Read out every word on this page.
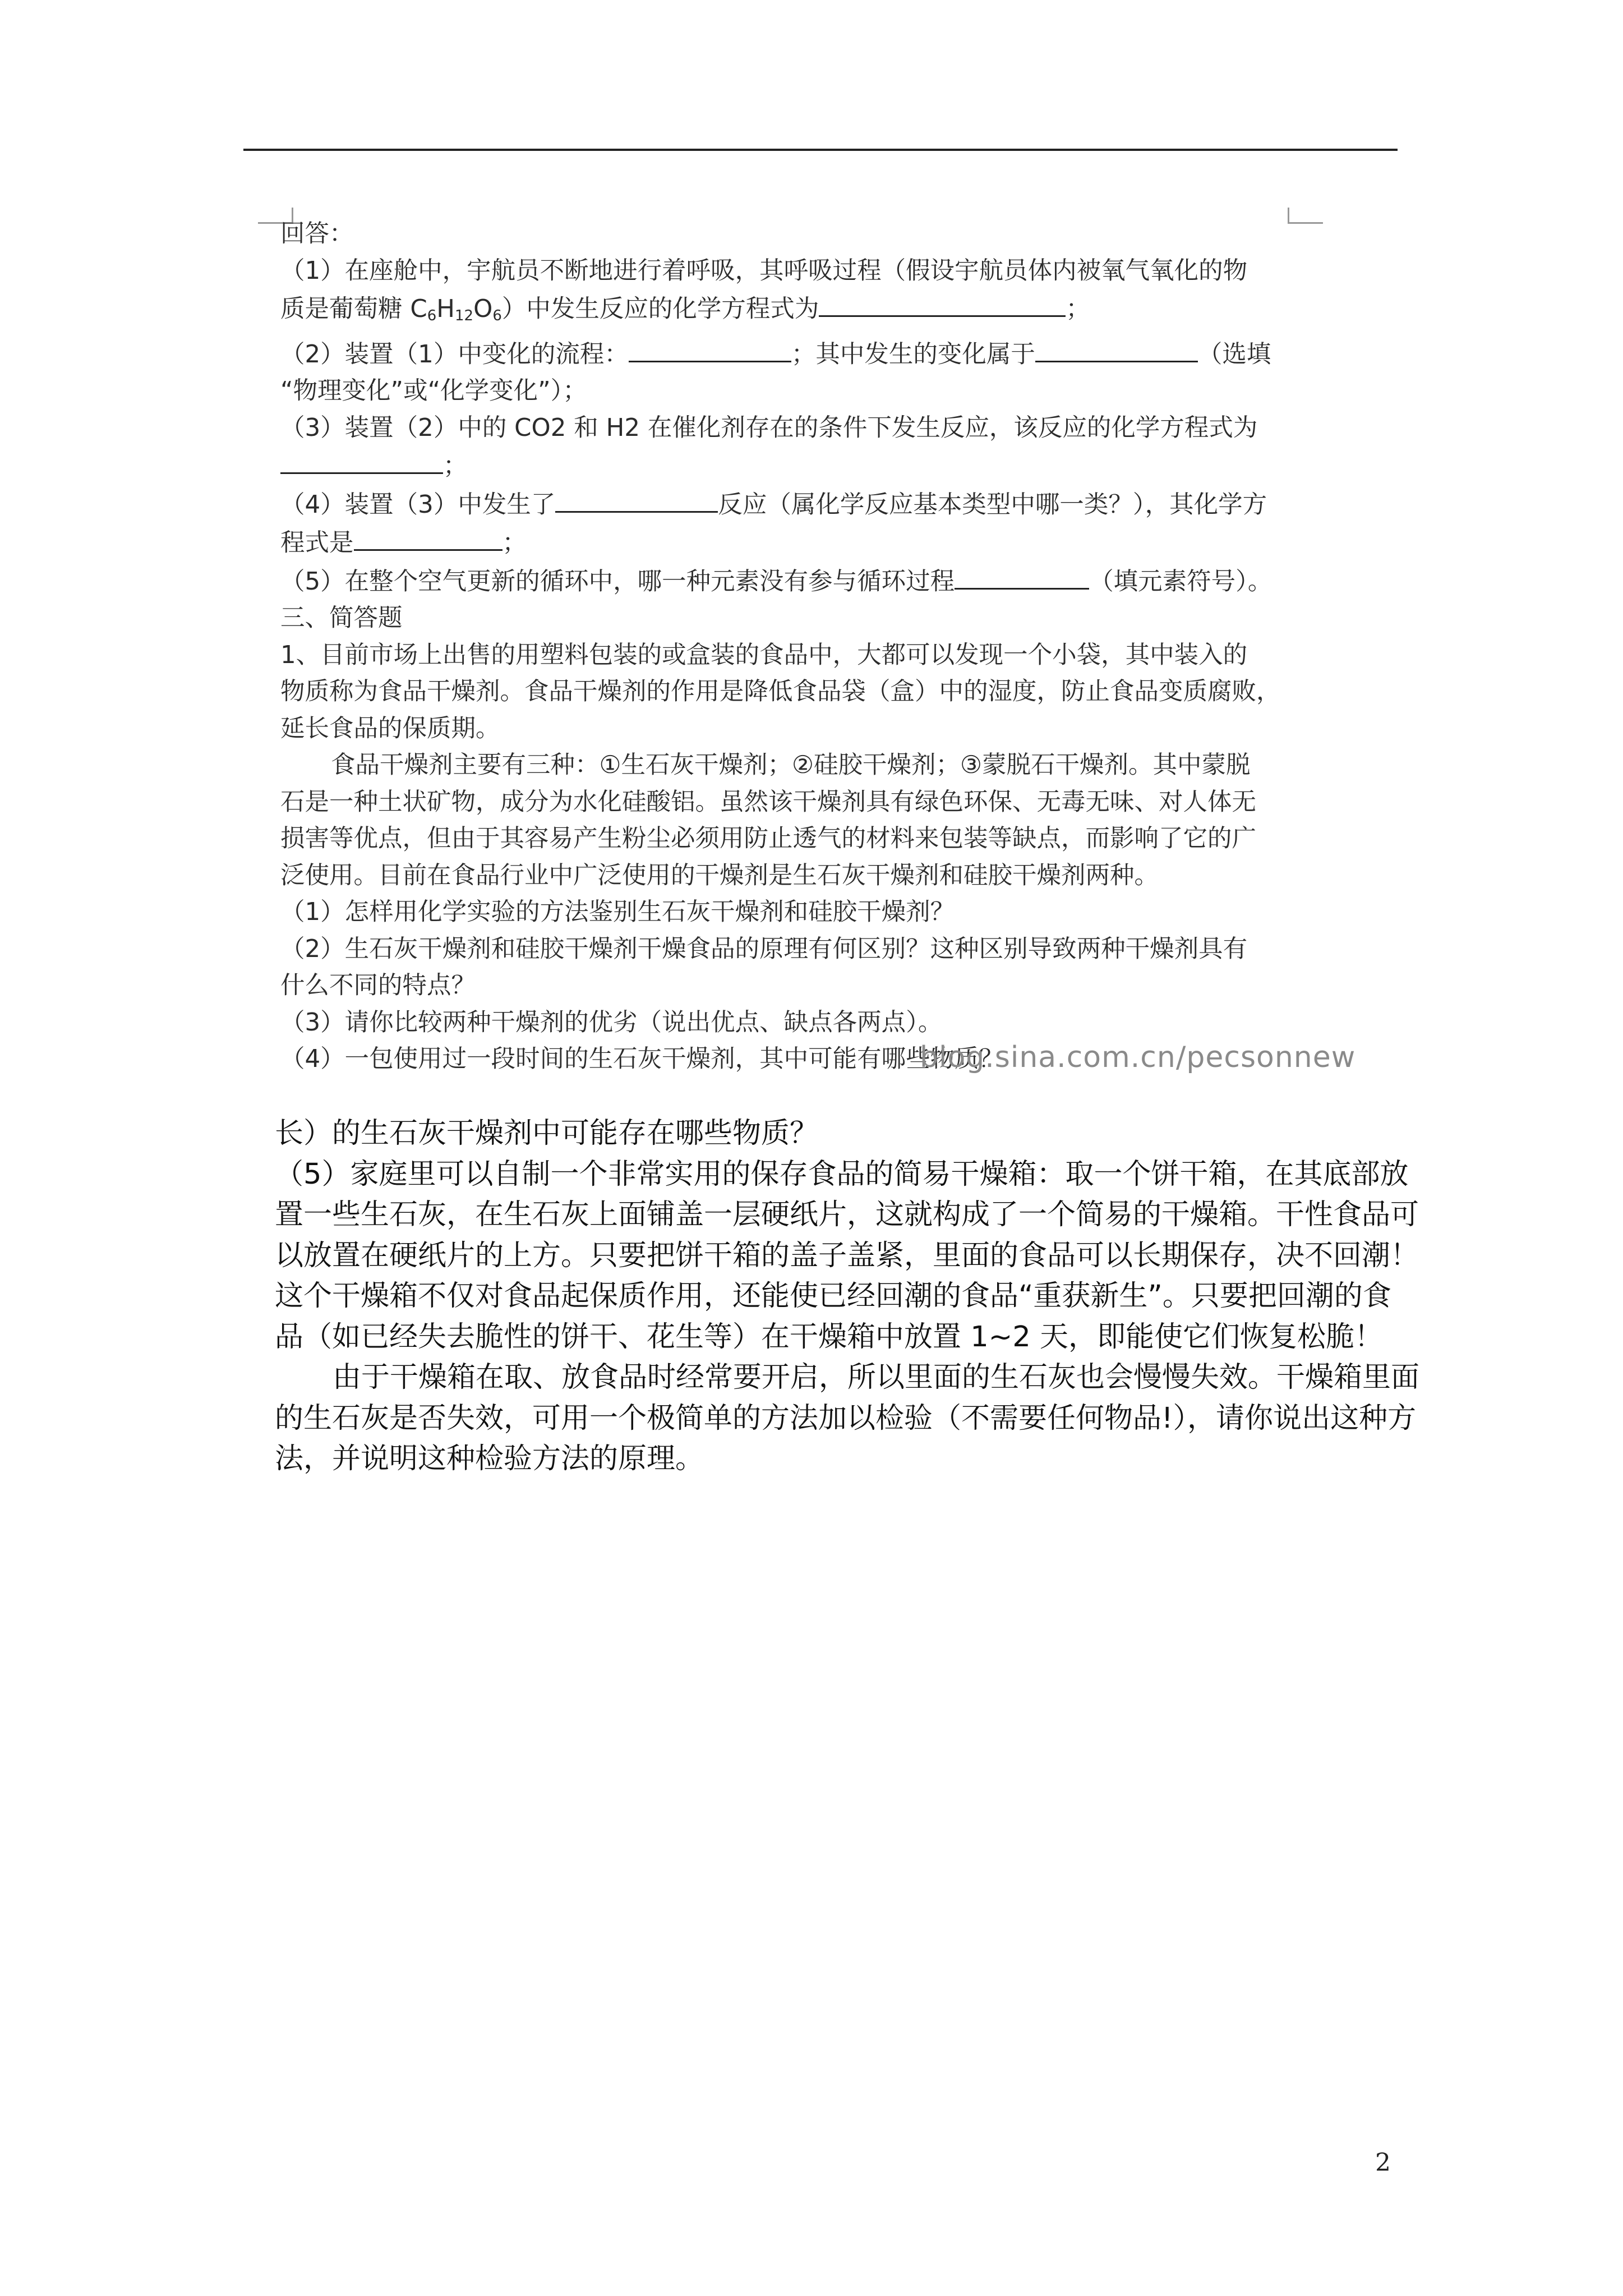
回答：

（1）在座舱中，宇航员不断地进行着呼吸，其呼吸过程（假设宇航员体内被氧气氧化的物

质是葡萄糖 $C_6H_{12}O_6$）中发生反应的化学方程式为	；

（2）装置（1）中变化的流程：	；其中发生的变化属于	（选填

“物理变化”或“化学变化”）；

（3）装置（2）中的 CO2 和 H2 在催化剂存在的条件下发生反应，该反应的化学方程式为

；

（4）装置（3）中发生了	反应（属化学反应基本类型中哪一类？），其化学方

程式是	；

（5）在整个空气更新的循环中，哪一种元素没有参与循环过程	（填元素符号）。

三、简答题

1、目前市场上出售的用塑料包装的或盒装的食品中，大都可以发现一个小袋，其中装入的

物质称为食品干燥剂。食品干燥剂的作用是降低食品袋（盒）中的湿度，防止食品变质腐败，

延长食品的保质期。

食品干燥剂主要有三种：①生石灰干燥剂；②硅胶干燥剂；③蒙脱石干燥剂。其中蒙脱

石是一种土状矿物，成分为水化硅酸铝。虽然该干燥剂具有绿色环保、无毒无味、对人体无

损害等优点，但由于其容易产生粉尘必须用防止透气的材料来包装等缺点，而影响了它的广

泛使用。目前在食品行业中广泛使用的干燥剂是生石灰干燥剂和硅胶干燥剂两种。

（1）怎样用化学实验的方法鉴别生石灰干燥剂和硅胶干燥剂？

（2）生石灰干燥剂和硅胶干燥剂干燥食品的原理有何区别？这种区别导致两种干燥剂具有

什么不同的特点？

（3）请你比较两种干燥剂的优劣（说出优点、缺点各两点）。

（4）一包使用过一段时间的生石灰干燥剂，其中可能有哪些物质？

blog.sina.com.cn/pecsonnew

长）的生石灰干燥剂中可能存在哪些物质？

（5）家庭里可以自制一个非常实用的保存食品的简易干燥箱：取一个饼干箱，在其底部放

置一些生石灰，在生石灰上面铺盖一层硬纸片，这就构成了一个简易的干燥箱。干性食品可

以放置在硬纸片的上方。只要把饼干箱的盖子盖紧，里面的食品可以长期保存，决不回潮！

这个干燥箱不仅对食品起保质作用，还能使已经回潮的食品“重获新生”。只要把回潮的食

品（如已经失去脆性的饼干、花生等）在干燥箱中放置 1~2 天，即能使它们恢复松脆！

由于干燥箱在取、放食品时经常要开启，所以里面的生石灰也会慢慢失效。干燥箱里面

的生石灰是否失效，可用一个极简单的方法加以检验（不需要任何物品!），请你说出这种方

法，并说明这种检验方法的原理。

2
